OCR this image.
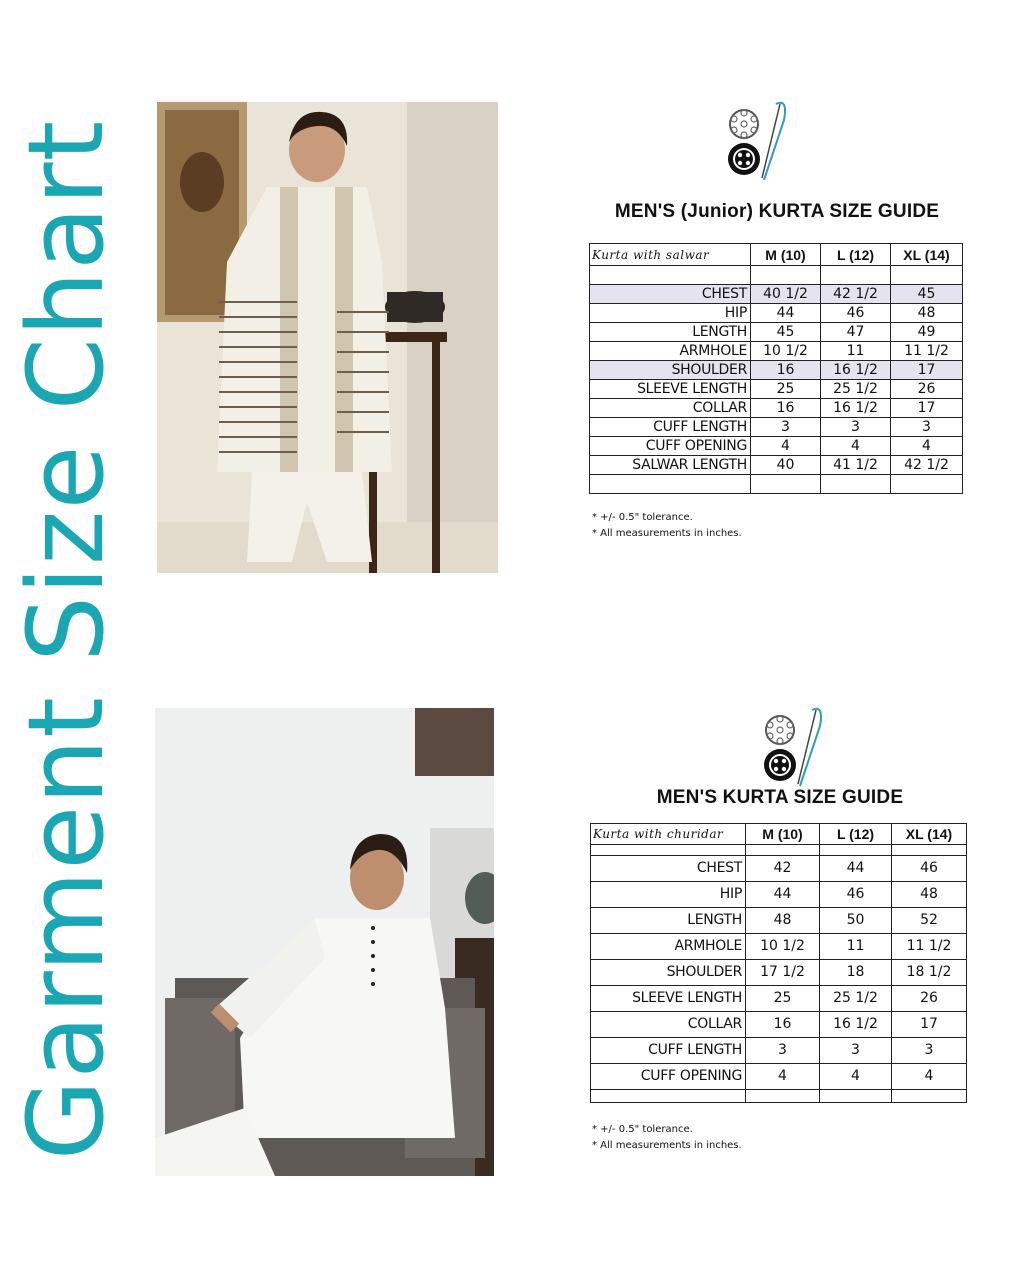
Garment Size Chart	MEN'S (Junior) KURTA SIZE GUIDE
Kurta with salwar	M (10)	L (12)	XL (14)

CHEST	40 1/2	42 1/2	45
HIP	44	46	48
LENGTH	45	47	49
ARMHOLE	10 1/2	11	11 1/2
SHOULDER	16	16 1/2	17
SLEEVE LENGTH	25	25 1/2	26
COLLAR	16	16 1/2	17
CUFF LENGTH	3	3	3
CUFF OPENING	4	4	4
SALWAR LENGTH	40	41 1/2	42 1/2

* +/- 0.5" tolerance.
* All measurements in inches.
MEN'S KURTA SIZE GUIDE
Kurta with churidar	M (10)	L (12)	XL (14)

CHEST	42	44	46
HIP	44	46	48
LENGTH	48	50	52
ARMHOLE	10 1/2	11	11 1/2
SHOULDER	17 1/2	18	18 1/2
SLEEVE LENGTH	25	25 1/2	26
COLLAR	16	16 1/2	17
CUFF LENGTH	3	3	3
CUFF OPENING	4	4	4

* +/- 0.5" tolerance.
* All measurements in inches.
